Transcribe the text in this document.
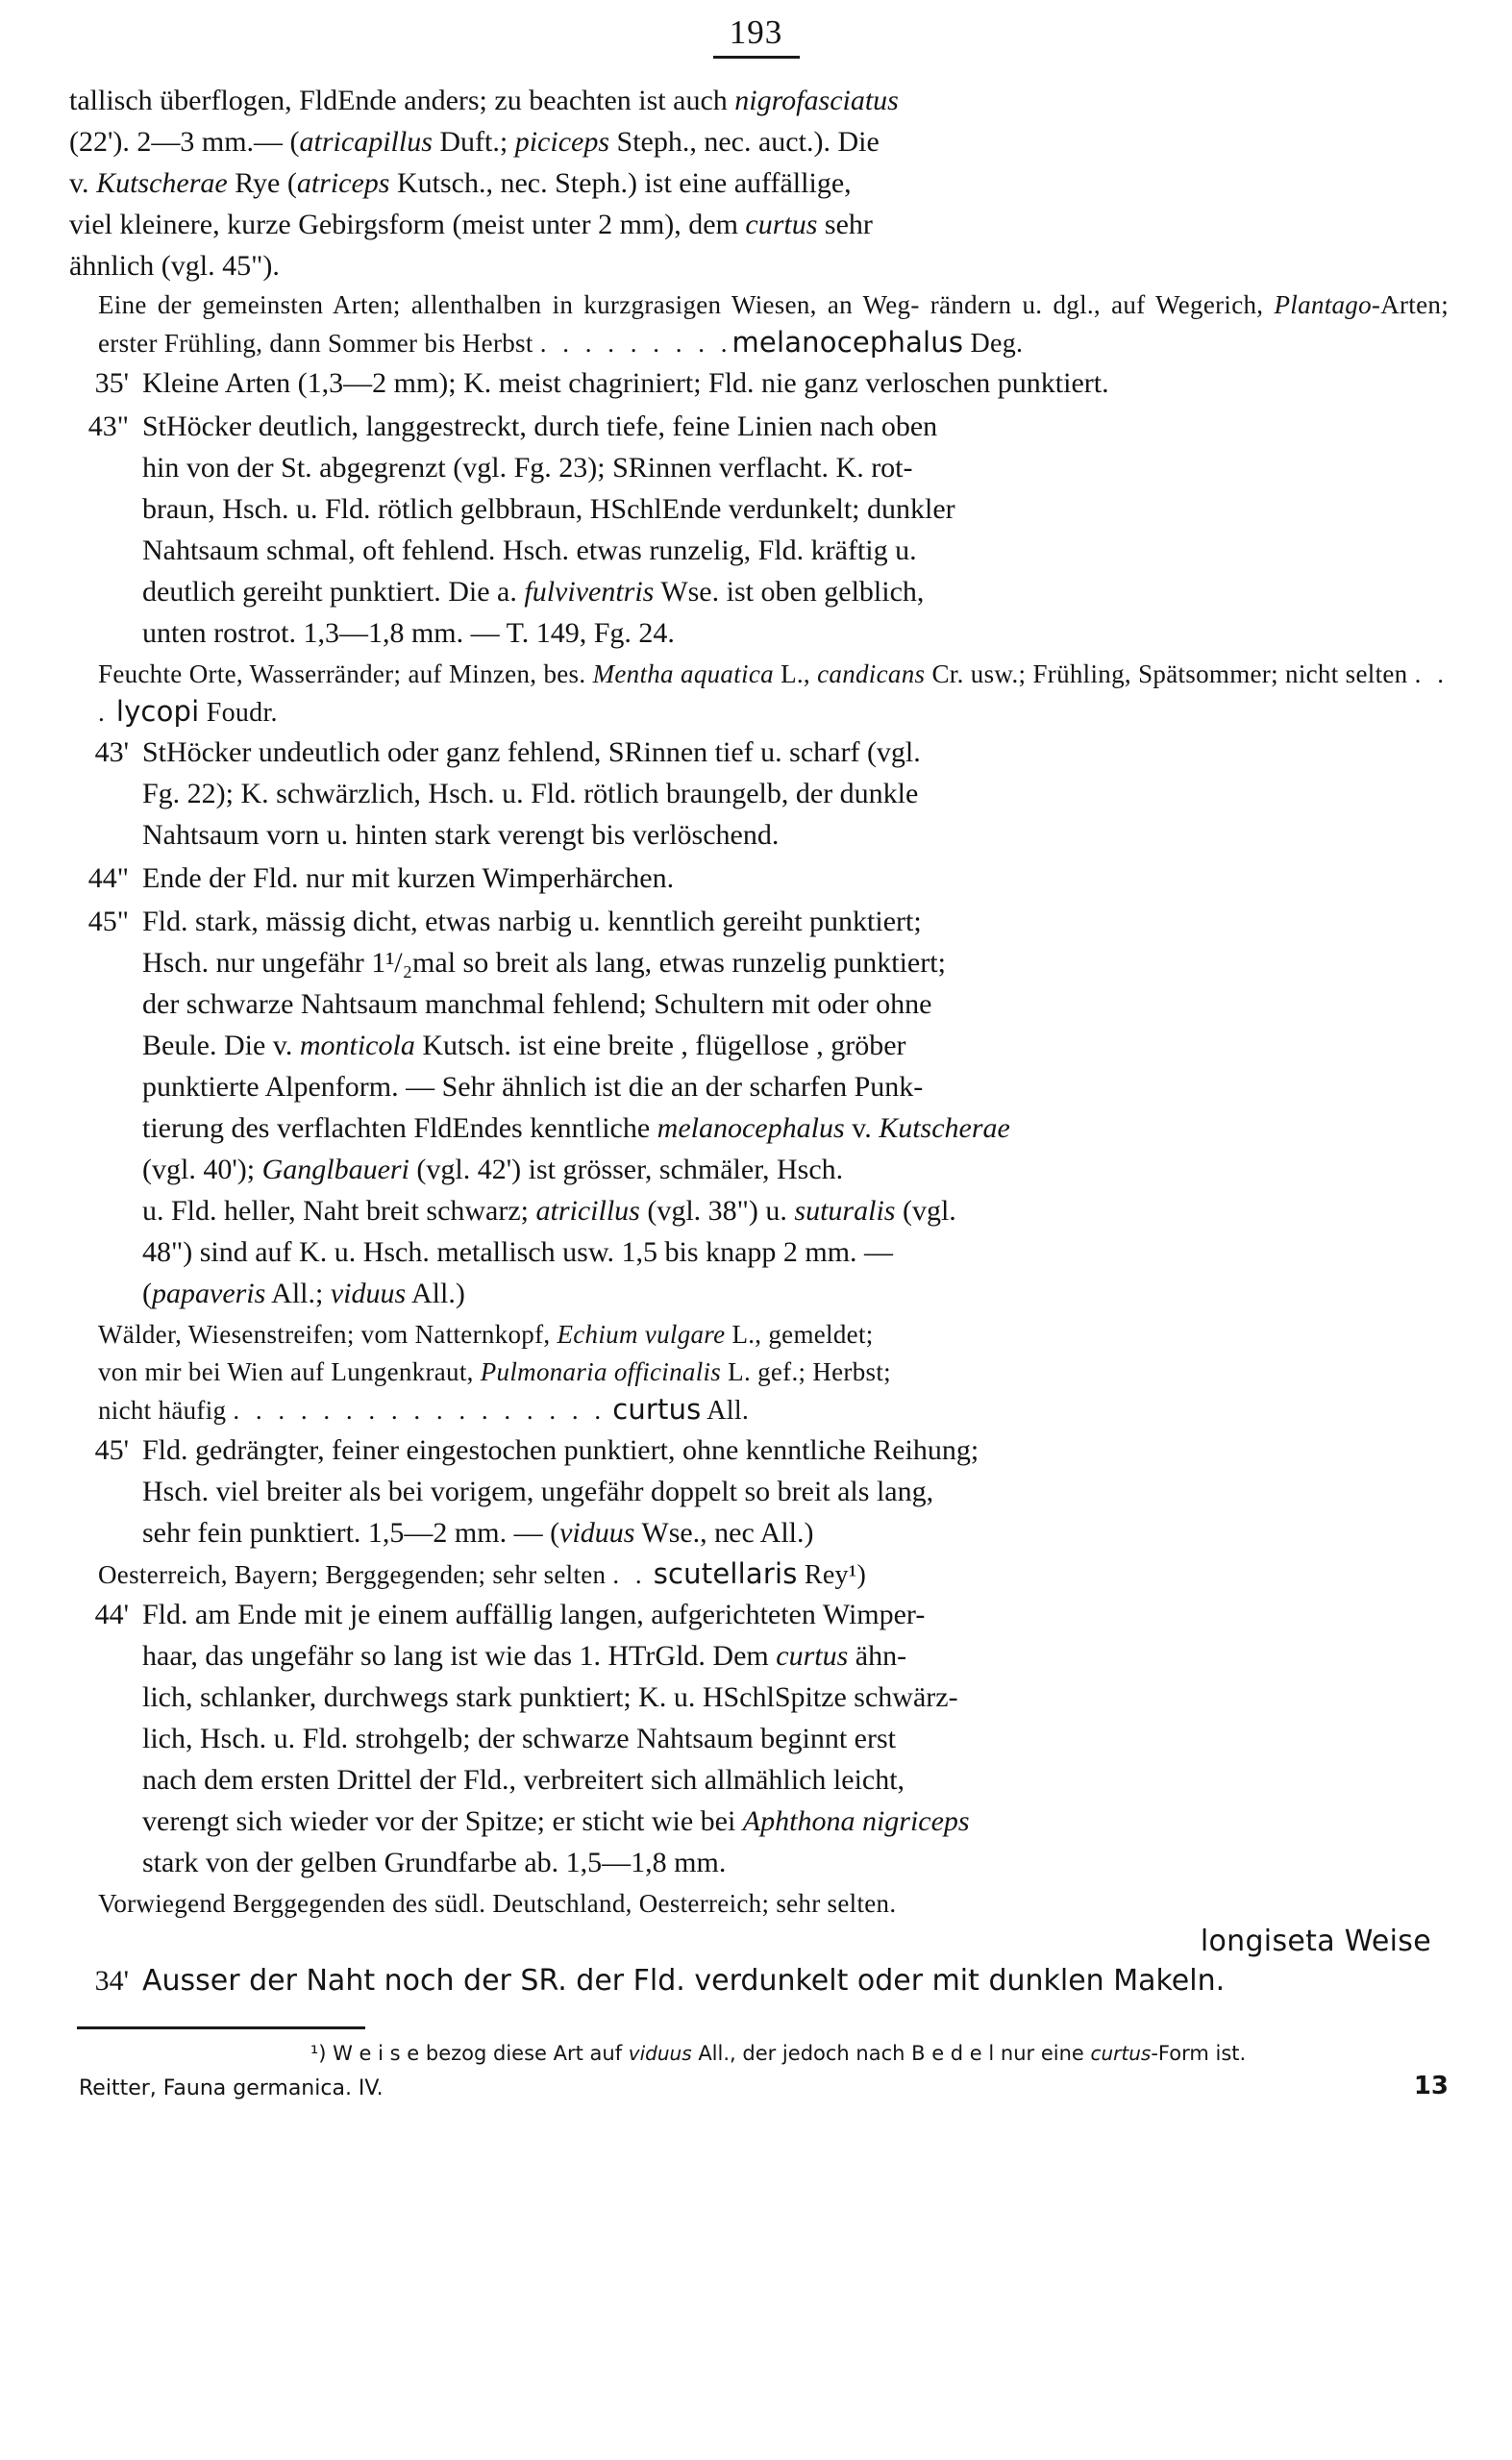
193
tallisch überflogen, FldEnde anders; zu beachten ist auch nigrofasciatus
(22'). 2—3 mm.— (atricapillus Duft.; piciceps Steph., nec. auct.). Die
v. Kutscherae Rye (atriceps Kutsch., nec. Steph.) ist eine auffällige,
viel kleinere, kurze Gebirgsform (meist unter 2 mm), dem curtus sehr
ähnlich (vgl. 45").
Eine der gemeinsten Arten; allenthalben in kurzgrasigen Wiesen, an Weg- rändern u. dgl., auf Wegerich, Plantago-Arten; erster Frühling, dann Sommer bis Herbst . . . . . . . . .melanocephalus Deg.
35' Kleine Arten (1,3—2 mm); K. meist chagriniert; Fld. nie ganz verloschen punktiert.
43" StHöcker deutlich, langgestreckt, durch tiefe, feine Linien nach oben
hin von der St. abgegrenzt (vgl. Fg. 23); SRinnen verflacht. K. rot-
braun, Hsch. u. Fld. rötlich gelbbraun, HSchlEnde verdunkelt; dunkler
Nahtsaum schmal, oft fehlend. Hsch. etwas runzelig, Fld. kräftig u.
deutlich gereiht punktiert. Die a. fulviventris Wse. ist oben gelblich,
unten rostrot. 1,3—1,8 mm. — T. 149, Fg. 24.
Feuchte Orte, Wasserränder; auf Minzen, bes. Mentha aquatica L., candicans Cr. usw.; Frühling, Spätsommer; nicht selten . . . lycopi Foudr.
43' StHöcker undeutlich oder ganz fehlend, SRinnen tief u. scharf (vgl.
Fg. 22); K. schwärzlich, Hsch. u. Fld. rötlich braungelb, der dunkle
Nahtsaum vorn u. hinten stark verengt bis verlöschend.
44" Ende der Fld. nur mit kurzen Wimperhärchen.
45" Fld. stark, mässig dicht, etwas narbig u. kenntlich gereiht punktiert;
Hsch. nur ungefähr 1¹/₂mal so breit als lang, etwas runzelig punktiert;
der schwarze Nahtsaum manchmal fehlend; Schultern mit oder ohne
Beule. Die v. monticola Kutsch. ist eine breite , flügellose , gröber
punktierte Alpenform. — Sehr ähnlich ist die an der scharfen Punk-
tierung des verflachten FldEndes kenntliche melanocephalus v. Kutscherae
(vgl. 40'); Ganglbaueri (vgl. 42') ist grösser, schmäler, Hsch.
u. Fld. heller, Naht breit schwarz; atricillus (vgl. 38") u. suturalis (vgl.
48") sind auf K. u. Hsch. metallisch usw. 1,5 bis knapp 2 mm. —
(papaveris All.; viduus All.)
Wälder, Wiesenstreifen; vom Natternkopf, Echium vulgare L., gemeldet;
von mir bei Wien auf Lungenkraut, Pulmonaria officinalis L. gef.; Herbst;
nicht häufig . . . . . . . . . . . . . . . . . curtus All.
45' Fld. gedrängter, feiner eingestochen punktiert, ohne kenntliche Reihung;
Hsch. viel breiter als bei vorigem, ungefähr doppelt so breit als lang,
sehr fein punktiert. 1,5—2 mm. — (viduus Wse., nec All.)
Oesterreich, Bayern; Berggegenden; sehr selten . . scutellaris Rey¹)
44' Fld. am Ende mit je einem auffällig langen, aufgerichteten Wimper-
haar, das ungefähr so lang ist wie das 1. HTrGld. Dem curtus ähn-
lich, schlanker, durchwegs stark punktiert; K. u. HSchlSpitze schwärz-
lich, Hsch. u. Fld. strohgelb; der schwarze Nahtsaum beginnt erst
nach dem ersten Drittel der Fld., verbreitert sich allmählich leicht,
verengt sich wieder vor der Spitze; er sticht wie bei Aphthona nigriceps
stark von der gelben Grundfarbe ab. 1,5—1,8 mm.
Vorwiegend Berggegenden des südl. Deutschland, Oesterreich; sehr selten.
longiseta Weise
34' Ausser der Naht noch der SR. der Fld. verdunkelt oder mit dunklen Makeln.
¹) W e i s e bezog diese Art auf viduus All., der jedoch nach B e d e l nur eine curtus-Form ist.
Reitter, Fauna germanica. IV.	13
